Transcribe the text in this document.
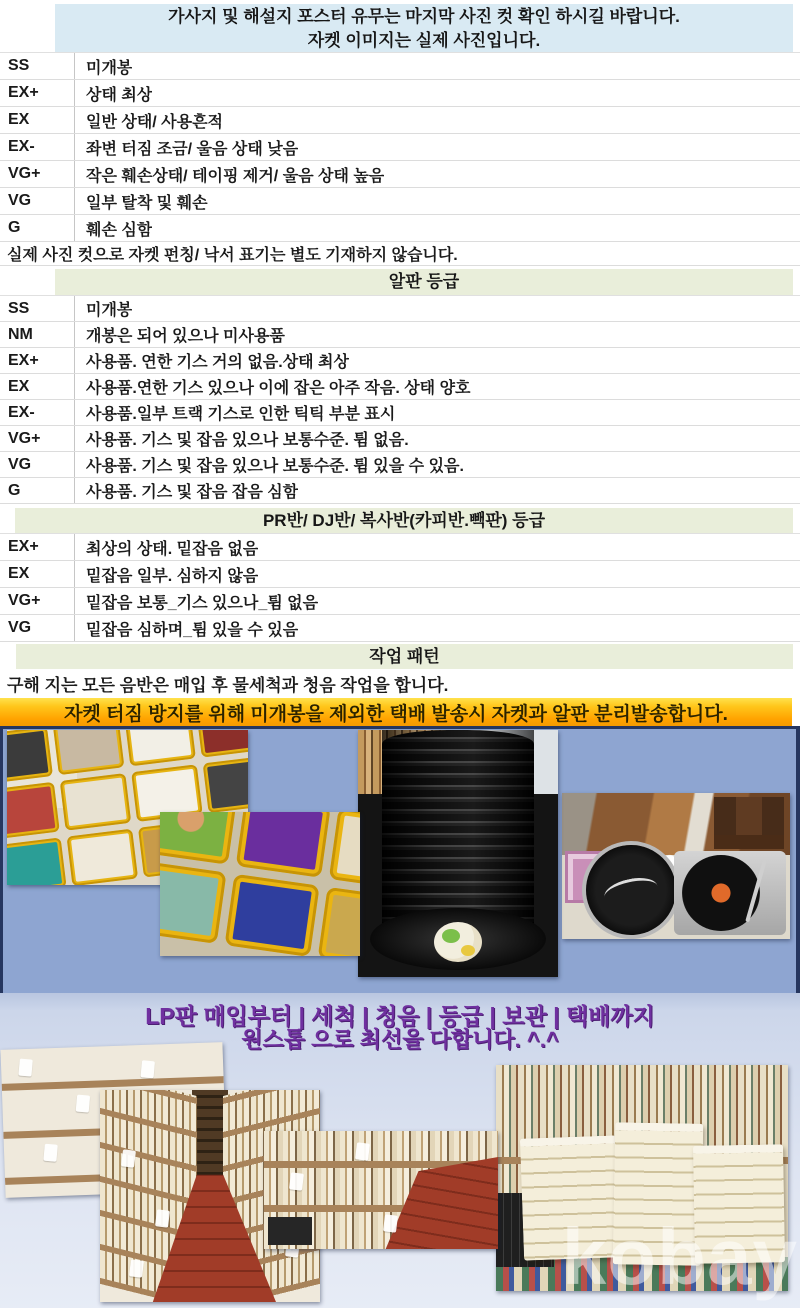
가사지 및 해설지 포스터 유무는 마지막 사진 컷 확인 하시길 바랍니다.
자켓 이미지는 실제 사진입니다.
SS	미개봉
EX+	상태 최상
EX	일반 상태/ 사용흔적
EX-	좌변 터짐 조금/ 울음 상태 낮음
VG+	작은 훼손상태/ 테이핑 제거/ 울음 상태 높음
VG	일부 탈착 및 훼손
G	훼손 심함
실제 사진 컷으로 자켓 펀칭/ 낙서 표기는 별도 기재하지 않습니다.
알판 등급
SS	미개봉
NM	개봉은 되어 있으나 미사용품
EX+	사용품. 연한 기스 거의 없음.상태 최상
EX	사용품.연한 기스 있으나 이에 잡은 아주 작음. 상태 양호
EX-	사용품.일부 트랙 기스로 인한 틱틱 부분 표시
VG+	사용품. 기스 및 잡음 있으나 보통수준. 튐 없음.
VG	사용품. 기스 및 잡음 있으나 보통수준. 튐 있을 수 있음.
G	사용품. 기스 및 잡음 잡음 심함
PR반/ DJ반/ 복사반(카피반.빽판) 등급
EX+	최상의 상태. 밑잡음 없음
EX	밑잡음 일부. 심하지 않음
VG+	밑잡음 보통_기스 있으나_튐 없음
VG	밑잡음 심하며_튐 있을 수 있음
작업 패턴
구해 지는 모든 음반은 매입 후 물세척과 청음 작업을 합니다.
자켓 터짐 방지를 위해 미개봉을 제외한 택배 발송시 자켓과 알판 분리발송합니다.
LP판 매입부터 | 세척 | 청음 | 등급 | 보관 | 택배까지
원스톱 으로 최선을 다합니다. ^.^
kobay
